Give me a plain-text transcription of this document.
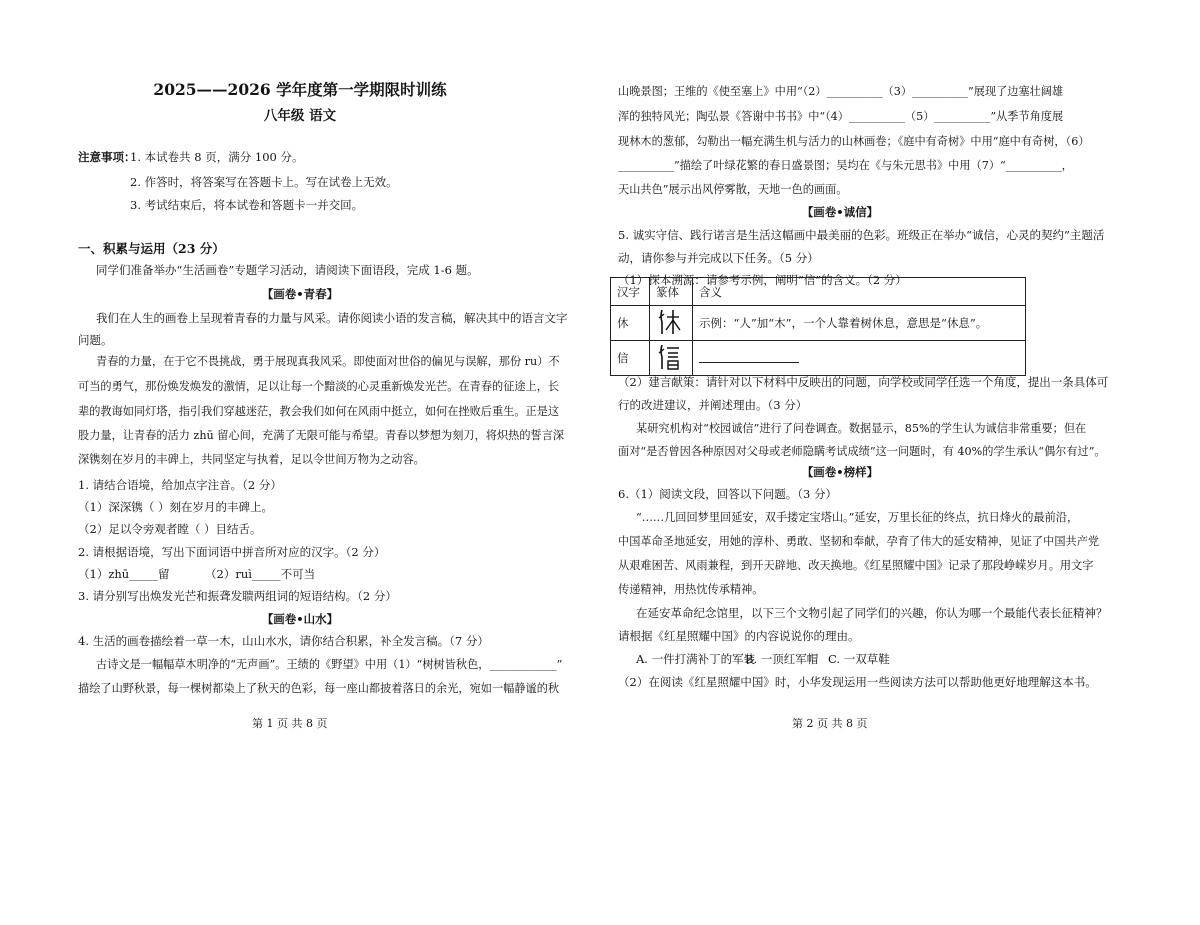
2025——2026 学年度第一学期限时训练
八年级 语文
注意事项：
1. 本试卷共 8 页，满分 100 分。
2. 作答时，将答案写在答题卡上。写在试卷上无效。
3. 考试结束后，将本试卷和答题卡一并交回。
一、积累与运用（23 分）
同学们准备举办“生活画卷”专题学习活动，请阅读下面语段，完成 1-6 题。
【画卷•青春】
我们在人生的画卷上呈现着青春的力量与风采。请你阅读小语的发言稿，解决其中的语言文字
问题。
青春的力量，在于它不畏挑战，勇于展现真我风采。即使面对世俗的偏见与误解，那份 ru）不
可当的勇气，那份焕发焕发的激情，足以让每一个黯淡的心灵重新焕发光芒。在青春的征途上，长
辈的教诲如同灯塔，指引我们穿越迷茫，教会我们如何在风雨中挺立，如何在挫败后重生。正是这
股力量，让青春的活力 zhū 留心间，充满了无限可能与希望。青春以梦想为刻刀，将炽热的誓言深
深镌刻在岁月的丰碑上，共同坚定与执着，足以令世间万物为之动容。
1. 请结合语境，给加点字注音。（2 分）
（1）深深镌（ ）刻在岁月的丰碑上。
（2）足以令旁观者瞠（ ）目结舌。
2. 请根据语境，写出下面词语中拼音所对应的汉字。（2 分）
（1）zhū_____留	（2）ruì_____不可当
3. 请分别写出焕发光芒和振聋发聩两组词的短语结构。（2 分）
【画卷•山水】
4. 生活的画卷描绘着一草一木，山山水水，请你结合积累，补全发言稿。（7 分）
古诗文是一幅幅草木明净的“无声画”。王绩的《野望》中用（1）“树树皆秋色，____________”
描绘了山野秋景，每一棵树都染上了秋天的色彩，每一座山都披着落日的余光，宛如一幅静谧的秋
第 1 页 共 8 页
山晚景图；王维的《使至塞上》中用“（2）__________（3）__________”展现了边塞壮阔雄
浑的独特风光；陶弘景《答谢中书书》中“（4）__________（5）__________”从季节角度展
现林木的葱郁，勾勒出一幅充满生机与活力的山林画卷；《庭中有奇树》中用“庭中有奇树，（6）
__________”描绘了叶绿花繁的春日盛景图；吴均在《与朱元思书》中用（7）“__________，
天山共色”展示出风停雾散，天地一色的画面。
【画卷•诚信】
5. 诚实守信、践行诺言是生活这幅画中最美丽的色彩。班级正在举办“诚信，心灵的契约”主题活
动，请你参与并完成以下任务。（5 分）
（1）探本溯源：请参考示例，阐明“信”的含义。（2 分）
汉字	篆体	含义
休		示例：“人”加“木”，一个人靠着树休息，意思是“休息”。
信		
（2）建言献策：请针对以下材料中反映出的问题，向学校或同学任选一个角度，提出一条具体可
行的改进建议，并阐述理由。（3 分）
某研究机构对“校园诚信”进行了问卷调查。数据显示，85%的学生认为诚信非常重要；但在
面对“是否曾因各种原因对父母或老师隐瞒考试成绩”这一问题时，有 40%的学生承认“偶尔有过”。
【画卷•榜样】
6.（1）阅读文段，回答以下问题。（3 分）
“……几回回梦里回延安，双手搂定宝塔山。”延安，万里长征的终点，抗日烽火的最前沿，
中国革命圣地延安，用她的淳朴、勇敢、坚韧和奉献，孕育了伟大的延安精神，见证了中国共产党
从艰难困苦、风雨兼程，到开天辟地、改天换地。《红星照耀中国》记录了那段峥嵘岁月。用文字
传递精神，用热忱传承精神。
在延安革命纪念馆里，以下三个文物引起了同学们的兴趣，你认为哪一个最能代表长征精神？
请根据《红星照耀中国》的内容说说你的理由。
A. 一件打满补丁的军装
B. 一顶红军帽 C. 一双草鞋
（2）在阅读《红星照耀中国》时，小华发现运用一些阅读方法可以帮助他更好地理解这本书。
第 2 页 共 8 页
